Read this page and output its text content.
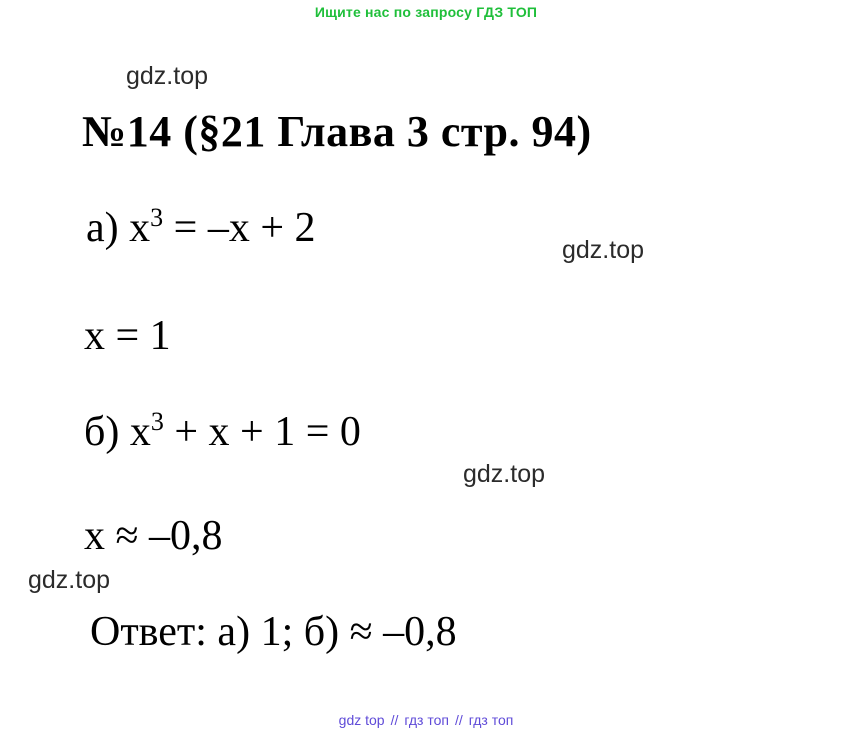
Ищите нас по запросу ГДЗ ТОП
gdz.top
№14 (§21 Глава 3 стр. 94)
а) $x^3 = -x + 2$	gdz.top
x = 1
б) $x^3 + x + 1 = 0$
gdz.top
x ≈ –0,8
gdz.top
Ответ: а) 1; б) ≈ –0,8
gdz top // гдз топ // гдз топ
